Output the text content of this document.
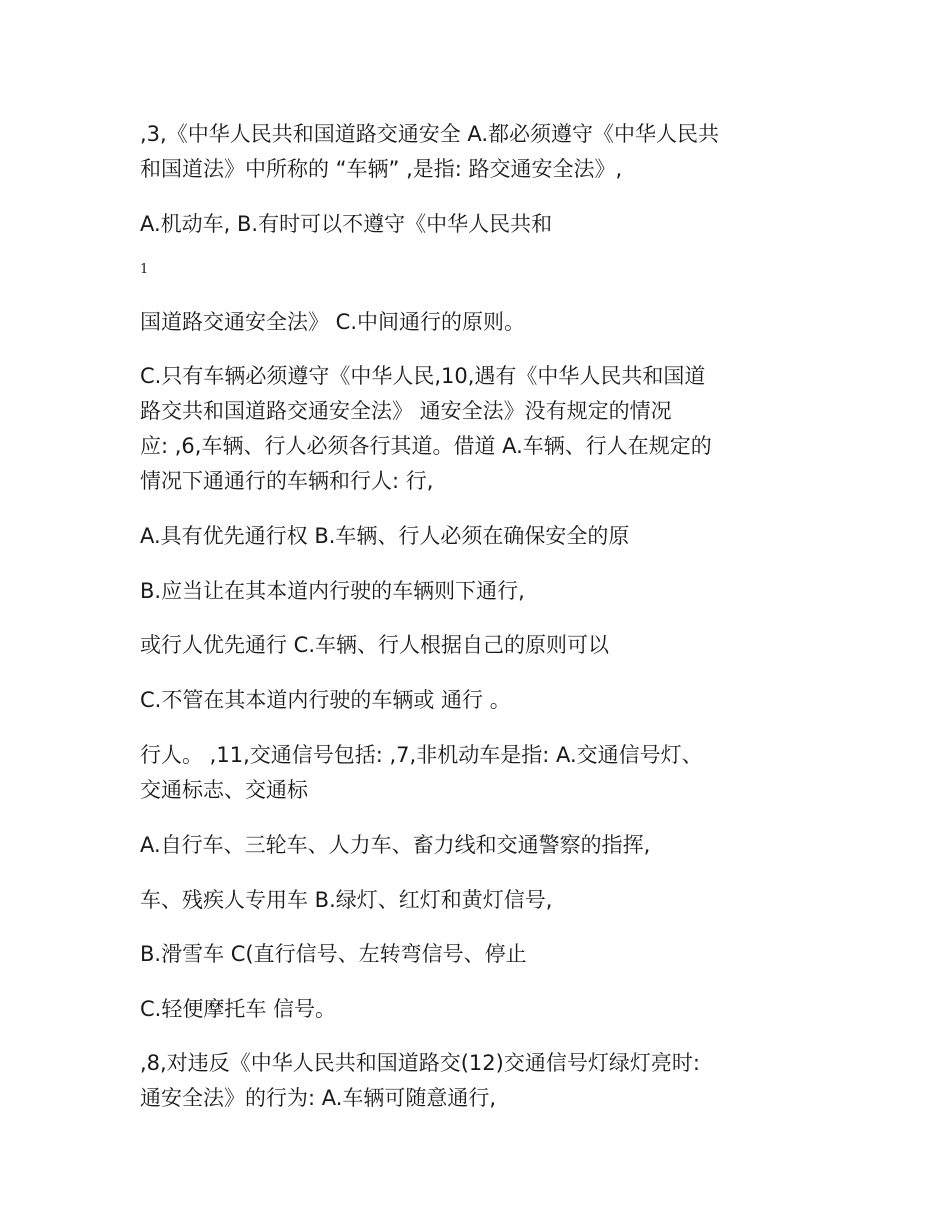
,3,《中华人民共和国道路交通安全 A.都必须遵守《中华人民共
和国道法》中所称的 “车辆” ,是指: 路交通安全法》,
A.机动车, B.有时可以不遵守《中华人民共和
1
国道路交通安全法》 C.中间通行的原则。
C.只有车辆必须遵守《中华人民,10,遇有《中华人民共和国道
路交共和国道路交通安全法》 通安全法》没有规定的情况
应: ,6,车辆、行人必须各行其道。借道 A.车辆、行人在规定的
情况下通通行的车辆和行人: 行,
A.具有优先通行权 B.车辆、行人必须在确保安全的原
B.应当让在其本道内行驶的车辆则下通行,
或行人优先通行 C.车辆、行人根据自己的原则可以
C.不管在其本道内行驶的车辆或 通行 。
行人。 ,11,交通信号包括: ,7,非机动车是指: A.交通信号灯、
交通标志、交通标
A.自行车、三轮车、人力车、畜力线和交通警察的指挥,
车、残疾人专用车 B.绿灯、红灯和黄灯信号,
B.滑雪车 C(直行信号、左转弯信号、停止
C.轻便摩托车 信号。
,8,对违反《中华人民共和国道路交(12)交通信号灯绿灯亮时:
通安全法》的行为: A.车辆可随意通行,
